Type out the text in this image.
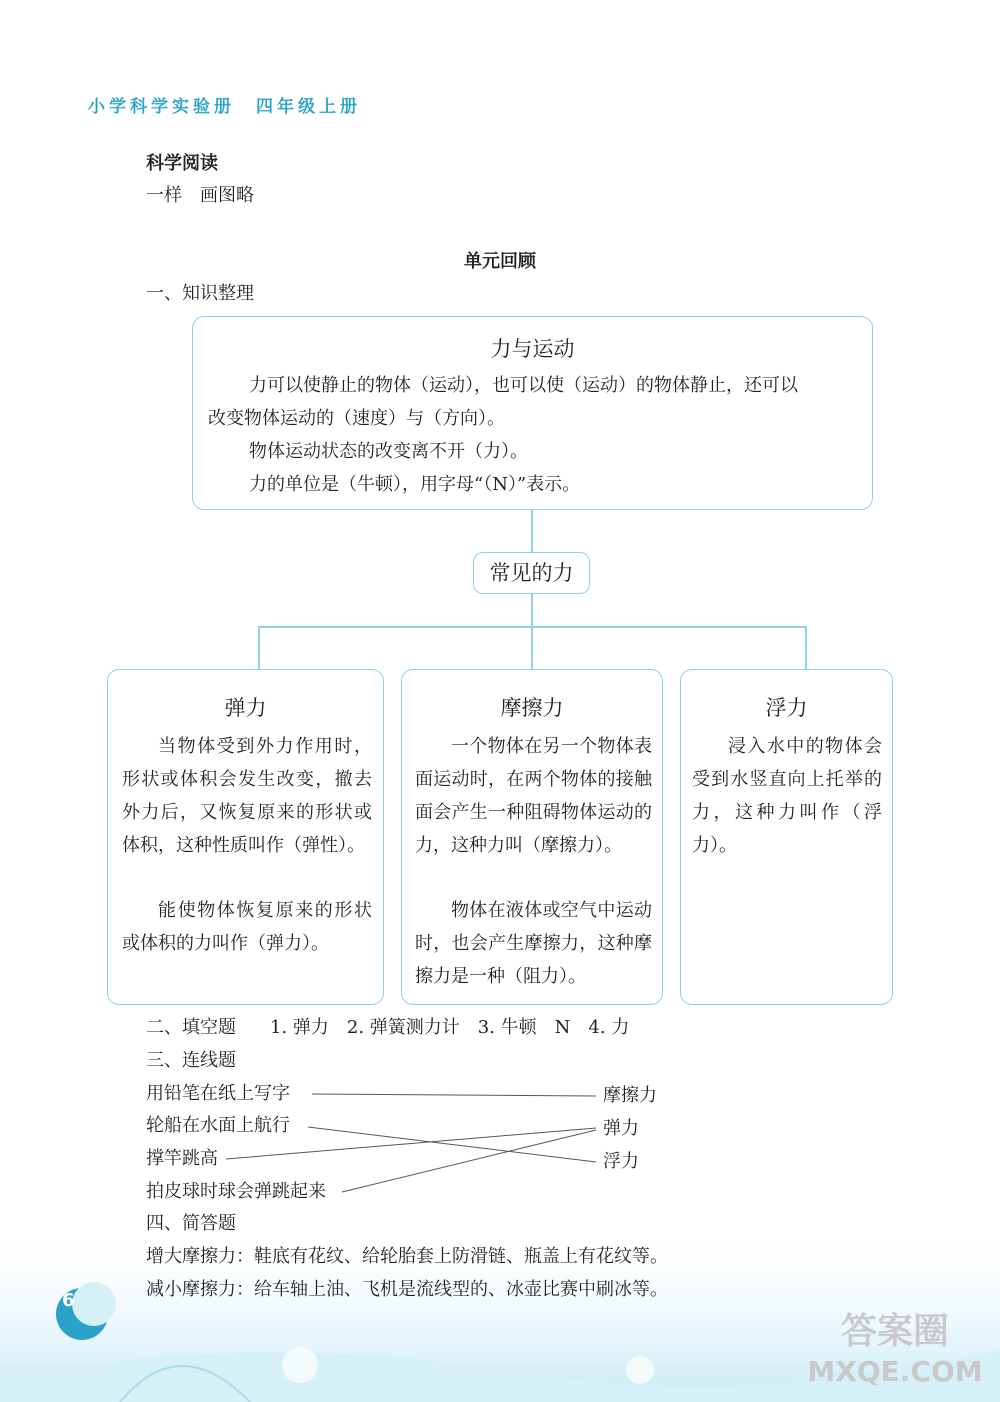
小学科学实验册　四年级上册
科学阅读
一样　画图略
单元回顾
一、知识整理
力与运动
力可以使静止的物体（运动），也可以使（运动）的物体静止，还可以
改变物体运动的（速度）与（方向）。
物体运动状态的改变离不开（力）。
力的单位是（牛顿），用字母“（N）”表示。
常见的力
弹力
当物体受到外力作用时，形状或体积会发生改变，撤去外力后，又恢复原来的形状或体积，这种性质叫作（弹性）。
能使物体恢复原来的形状或体积的力叫作（弹力）。
摩擦力
一个物体在另一个物体表面运动时，在两个物体的接触面会产生一种阻碍物体运动的力，这种力叫（摩擦力）。
物体在液体或空气中运动时，也会产生摩擦力，这种摩擦力是一种（阻力）。
浮力
浸入水中的物体会受到水竖直向上托举的力，这种力叫作（浮力）。
二、填空题 1. 弹力　2. 弹簧测力计　3. 牛顿　N　4. 力
三、连线题
用铅笔在纸上写字
轮船在水面上航行
撑竿跳高
拍皮球时球会弹跳起来
摩擦力
弹力
浮力
四、简答题
增大摩擦力：鞋底有花纹、给轮胎套上防滑链、瓶盖上有花纹等。
减小摩擦力：给车轴上油、飞机是流线型的、冰壶比赛中刷冰等。
6
答案圈
MXQE.COM
